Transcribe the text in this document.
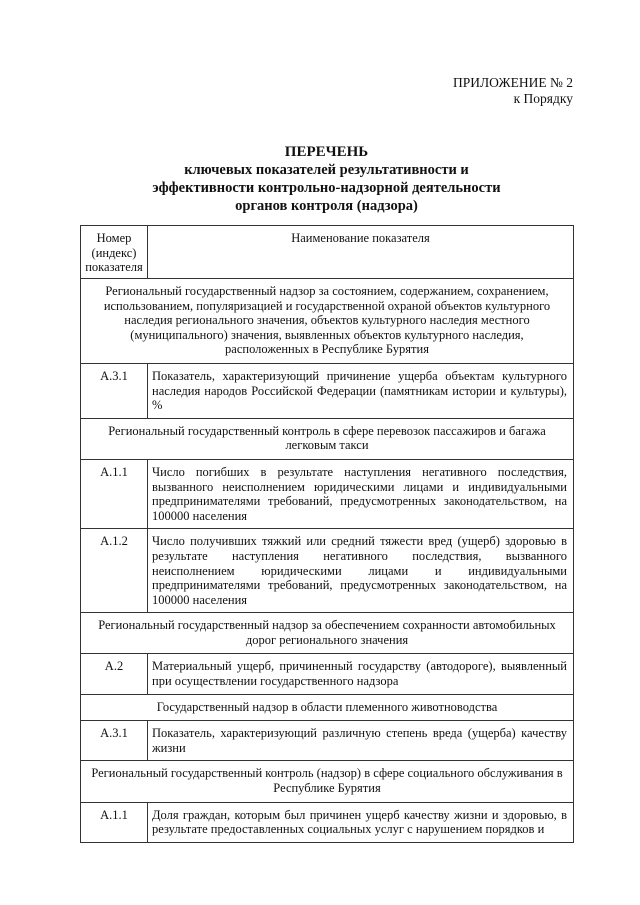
ПРИЛОЖЕНИЕ № 2
к Порядку
ПЕРЕЧЕНЬ
ключевых показателей результативности и
эффективности контрольно-надзорной деятельности
органов контроля (надзора)
Номер (индекс) показателя	Наименование показателя
Региональный государственный надзор за состоянием, содержанием, сохранением, использованием, популяризацией и государственной охраной объектов культурного наследия регионального значения, объектов культурного наследия местного (муниципального) значения, выявленных объектов культурного наследия, расположенных в Республике Бурятия	
А.3.1	Показатель, характеризующий причинение ущерба объектам культурного наследия народов Российской Федерации (памятникам истории и культуры), %
Региональный государственный контроль в сфере перевозок пассажиров и багажа легковым такси	
А.1.1	Число погибших в результате наступления негативного последствия, вызванного неисполнением юридическими лицами и индивидуальными предпринимателями требований, предусмотренных законодательством, на 100000 населения
А.1.2	Число получивших тяжкий или средний тяжести вред (ущерб) здоровью в результате наступления негативного последствия, вызванного неисполнением юридическими лицами и индивидуальными предпринимателями требований, предусмотренных законодательством, на 100000 населения
Региональный государственный надзор за обеспечением сохранности автомобильных дорог регионального значения	
А.2	Материальный ущерб, причиненный государству (автодороге), выявленный при осуществлении государственного надзора
Государственный надзор в области племенного животноводства	
А.3.1	Показатель, характеризующий различную степень вреда (ущерба) качеству жизни
Региональный государственный контроль (надзор) в сфере социального обслуживания в Республике Бурятия	
А.1.1	Доля граждан, которым был причинен ущерб качеству жизни и здоровью, в результате предоставленных социальных услуг с нарушением порядков и
